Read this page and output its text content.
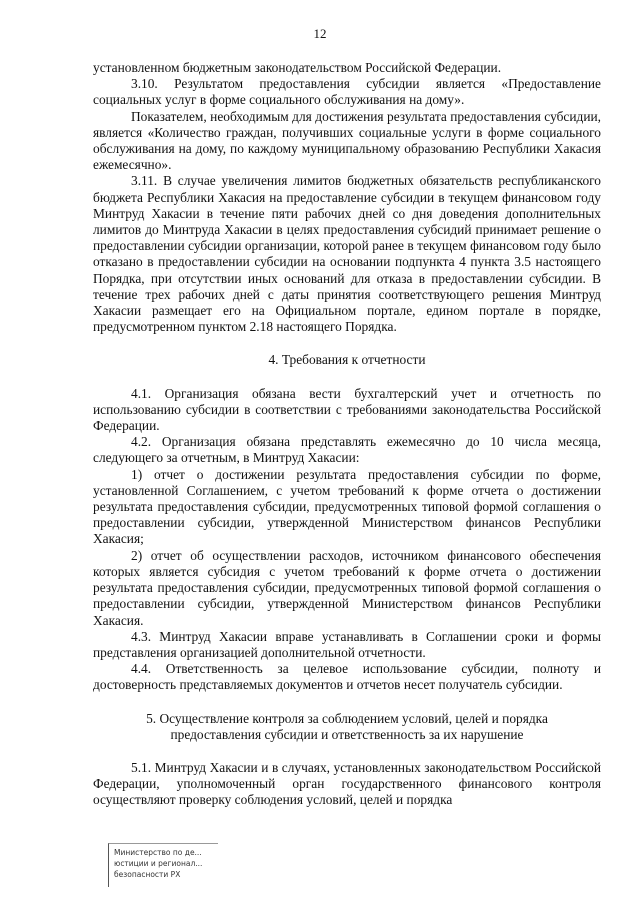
12

установленном бюджетным законодательством Российской Федерации.

3.10. Результатом предоставления субсидии является «Предоставление социальных услуг в форме социального обслуживания на дому».

Показателем, необходимым для достижения результата предоставления субсидии, является «Количество граждан, получивших социальные услуги в форме социального обслуживания на дому, по каждому муниципальному образованию Республики Хакасия ежемесячно».

3.11. В случае увеличения лимитов бюджетных обязательств республиканского бюджета Республики Хакасия на предоставление субсидии в текущем финансовом году Минтруд Хакасии в течение пяти рабочих дней со дня доведения дополнительных лимитов до Минтруда Хакасии в целях предоставления субсидий принимает решение о предоставлении субсидии организации, которой ранее в текущем финансовом году было отказано в предоставлении субсидии на основании подпункта 4 пункта 3.5 настоящего Порядка, при отсутствии иных оснований для отказа в предоставлении субсидии. В течение трех рабочих дней с даты принятия соответствующего решения Минтруд Хакасии размещает его на Официальном портале, едином портале в порядке, предусмотренном пунктом 2.18 настоящего Порядка.

4. Требования к отчетности

4.1. Организация обязана вести бухгалтерский учет и отчетность по использованию субсидии в соответствии с требованиями законодательства Российской Федерации.

4.2. Организация обязана представлять ежемесячно до 10 числа месяца, следующего за отчетным, в Минтруд Хакасии:

1) отчет о достижении результата предоставления субсидии по форме, установленной Соглашением, с учетом требований к форме отчета о достижении результата предоставления субсидии, предусмотренных типовой формой соглашения о предоставлении субсидии, утвержденной Министерством финансов Республики Хакасия;

2) отчет об осуществлении расходов, источником финансового обеспечения которых является субсидия с учетом требований к форме отчета о достижении результата предоставления субсидии, предусмотренных типовой формой соглашения о предоставлении субсидии, утвержденной Министерством финансов Республики Хакасия.

4.3. Минтруд Хакасии вправе устанавливать в Соглашении сроки и формы представления организацией дополнительной отчетности.

4.4. Ответственность за целевое использование субсидии, полноту и достоверность представляемых документов и отчетов несет получатель субсидии.

5. Осуществление контроля за соблюдением условий, целей и порядка предоставления субсидии и ответственность за их нарушение

5.1. Минтруд Хакасии и в случаях, установленных законодательством Российской Федерации, уполномоченный орган государственного финансового контроля осуществляют проверку соблюдения условий, целей и порядка

Министерство по де...
юстиции и регионал...
безопасности РХ
